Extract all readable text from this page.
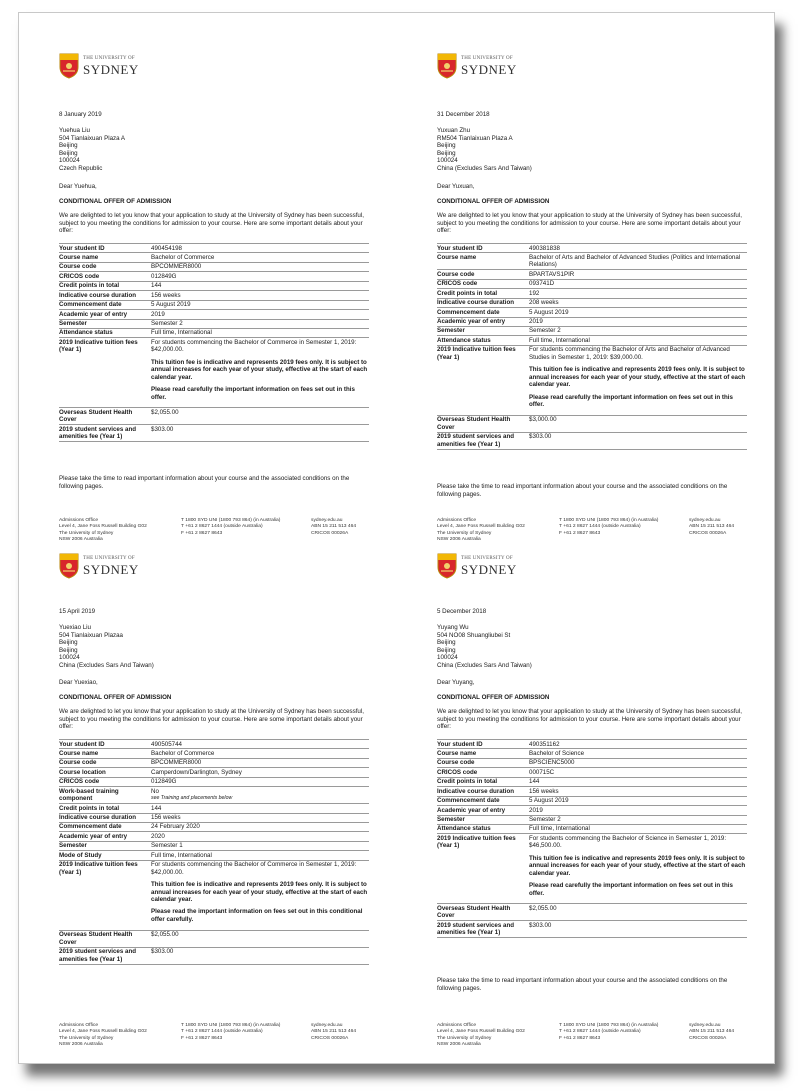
THE UNIVERSITY OF
SYDNEY
8 January 2019
Yuehua Liu
504 Tianlaixuan Plaza A
Beijing
Beijing
100024
Czech Republic
Dear Yuehua,
CONDITIONAL OFFER OF ADMISSION
We are delighted to let you know that your application to study at the University of Sydney has been successful, subject to you meeting the conditions for admission to your course. Here are some important details about your offer:
Your student ID	490454198
Course name	Bachelor of Commerce
Course code	BPCOMMER8000
CRICOS code	012849G
Credit points in total	144
Indicative course duration	156 weeks
Commencement date	5 August 2019
Academic year of entry	2019
Semester	Semester 2
Attendance status	Full time, International
2019 Indicative tuition fees (Year 1)	For students commencing the Bachelor of Commerce in Semester 1, 2019: $42,000.00.
This tuition fee is indicative and represents 2019 fees only. It is subject to annual increases for each year of your study, effective at the start of each calendar year.
Please read carefully the important information on fees set out in this offer.

Overseas Student Health Cover	$2,055.00
2019 student services and amenities fee (Year 1)	$303.00
Please take the time to read important information about your course and the associated conditions on the following pages.
Admissions Office
Level 4, Jane Foss Russell Building G02
The University of Sydney
NSW 2006 Australia
T 1800 SYD UNI (1800 793 864) (in Australia)
T +61 2 8627 1444 (outside Australia)
F +61 2 8627 8643
sydney.edu.au
ABN 15 211 513 464
CRICOS 00026A
THE UNIVERSITY OF
SYDNEY
31 December 2018
Yuxuan Zhu
RM504 Tianlaixuan Plaza A
Beijing
Beijing
100024
China (Excludes Sars And Taiwan)
Dear Yuxuan,
CONDITIONAL OFFER OF ADMISSION
We are delighted to let you know that your application to study at the University of Sydney has been successful, subject to you meeting the conditions for admission to your course. Here are some important details about your offer:
Your student ID	490381838
Course name	Bachelor of Arts and Bachelor of Advanced Studies (Politics and International Relations)
Course code	BPARTAVS1PIR
CRICOS code	093741D
Credit points in total	192
Indicative course duration	208 weeks
Commencement date	5 August 2019
Academic year of entry	2019
Semester	Semester 2
Attendance status	Full time, International
2019 Indicative tuition fees (Year 1)	For students commencing the Bachelor of Arts and Bachelor of Advanced Studies in Semester 1, 2019: $39,000.00.
This tuition fee is indicative and represents 2019 fees only. It is subject to annual increases for each year of your study, effective at the start of each calendar year.
Please read carefully the important information on fees set out in this offer.

Overseas Student Health Cover	$3,000.00
2019 student services and amenities fee (Year 1)	$303.00
Please take the time to read important information about your course and the associated conditions on the following pages.
Admissions Office
Level 4, Jane Foss Russell Building G02
The University of Sydney
NSW 2006 Australia
T 1800 SYD UNI (1800 793 864) (in Australia)
T +61 2 8627 1444 (outside Australia)
F +61 2 8627 8643
sydney.edu.au
ABN 15 211 513 464
CRICOS 00026A
THE UNIVERSITY OF
SYDNEY
15 April 2019
Yuexiao Liu
504 Tianlaixuan Plazaa
Beijing
Beijing
100024
China (Excludes Sars And Taiwan)
Dear Yuexiao,
CONDITIONAL OFFER OF ADMISSION
We are delighted to let you know that your application to study at the University of Sydney has been successful, subject to you meeting the conditions for admission to your course. Here are some important details about your offer:
Your student ID	490505744
Course name	Bachelor of Commerce
Course code	BPCOMMER8000
Course location	Camperdown/Darlington, Sydney
CRICOS code	012849G
Work-based training component	No
see Training and placements below

Credit points in total	144
Indicative course duration	156 weeks
Commencement date	24 February 2020
Academic year of entry	2020
Semester	Semester 1
Mode of Study	Full time, International
2019 Indicative tuition fees (Year 1)	For students commencing the Bachelor of Commerce in Semester 1, 2019: $42,000.00.
This tuition fee is indicative and represents 2019 fees only. It is subject to annual increases for each year of your study, effective at the start of each calendar year.
Please read the important information on fees set out in this conditional offer carefully.

Overseas Student Health Cover	$2,055.00
2019 student services and amenities fee (Year 1)	$303.00
Admissions Office
Level 4, Jane Foss Russell Building G02
The University of Sydney
NSW 2006 Australia
T 1800 SYD UNI (1800 793 864) (in Australia)
T +61 2 8627 1444 (outside Australia)
F +61 2 8627 8643
sydney.edu.au
ABN 15 211 513 464
CRICOS 00026A
THE UNIVERSITY OF
SYDNEY
5 December 2018
Yuyang Wu
504 NO08 Shuangliubei St
Beijing
Beijing
100024
China (Excludes Sars And Taiwan)
Dear Yuyang,
CONDITIONAL OFFER OF ADMISSION
We are delighted to let you know that your application to study at the University of Sydney has been successful, subject to you meeting the conditions for admission to your course. Here are some important details about your offer:
Your student ID	490351162
Course name	Bachelor of Science
Course code	BPSCIENC5000
CRICOS code	000715C
Credit points in total	144
Indicative course duration	156 weeks
Commencement date	5 August 2019
Academic year of entry	2019
Semester	Semester 2
Attendance status	Full time, International
2019 Indicative tuition fees (Year 1)	For students commencing the Bachelor of Science in Semester 1, 2019: $46,500.00.
This tuition fee is indicative and represents 2019 fees only. It is subject to annual increases for each year of your study, effective at the start of each calendar year.
Please read carefully the important information on fees set out in this offer.

Overseas Student Health Cover	$2,055.00
2019 student services and amenities fee (Year 1)	$303.00
Please take the time to read important information about your course and the associated conditions on the following pages.
Admissions Office
Level 4, Jane Foss Russell Building G02
The University of Sydney
NSW 2006 Australia
T 1800 SYD UNI (1800 793 864) (in Australia)
T +61 2 8627 1444 (outside Australia)
F +61 2 8627 8643
sydney.edu.au
ABN 15 211 513 464
CRICOS 00026A
